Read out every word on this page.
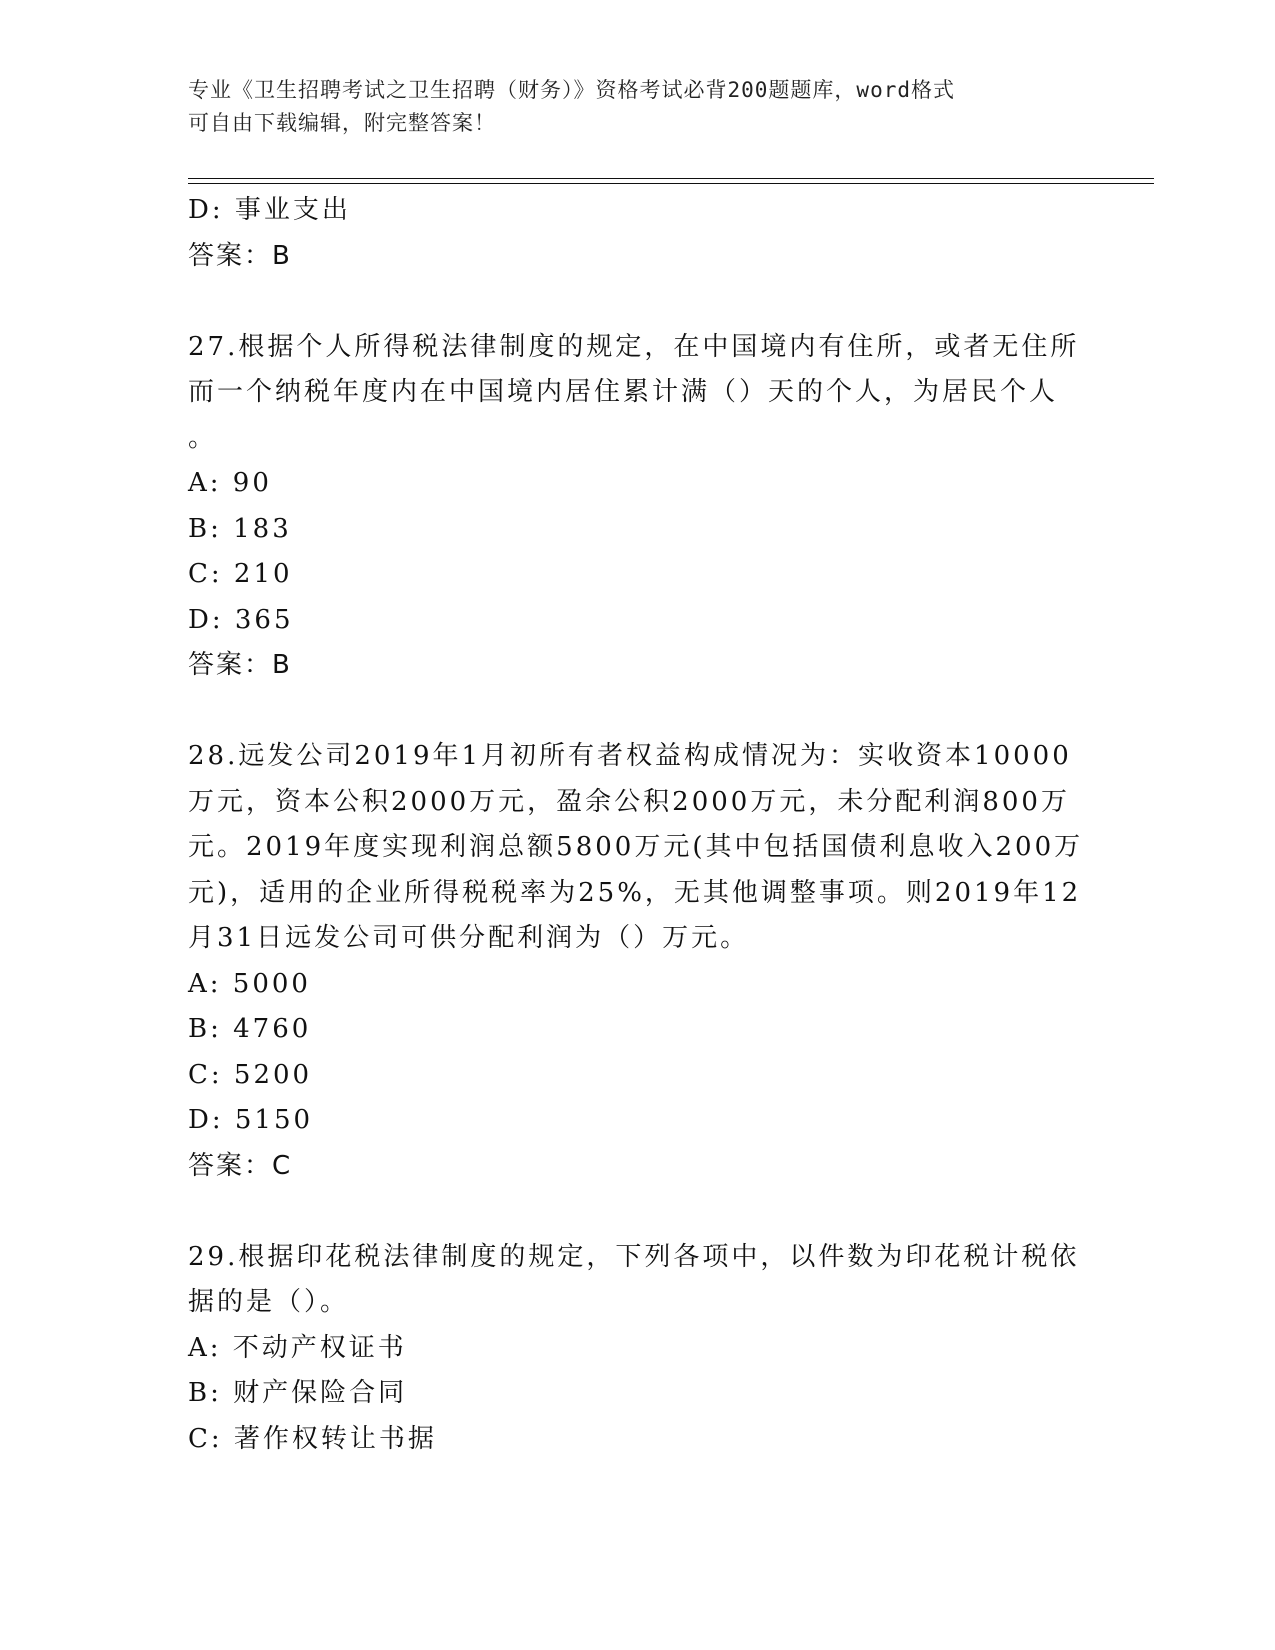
专业《卫生招聘考试之卫生招聘（财务）》资格考试必背200题题库，word格式
可自由下载编辑，附完整答案！
D: 事业支出
答案：B
27.根据个人所得税法律制度的规定，在中国境内有住所，或者无住所
而一个纳税年度内在中国境内居住累计满（）天的个人，为居民个人
。
A: 90
B: 183
C: 210
D: 365
答案：B
28.远发公司2019年1月初所有者权益构成情况为：实收资本10000
万元，资本公积2000万元，盈余公积2000万元，未分配利润800万
元。2019年度实现利润总额5800万元(其中包括国债利息收入200万
元)，适用的企业所得税税率为25%，无其他调整事项。则2019年12
月31日远发公司可供分配利润为（）万元。
A: 5000
B: 4760
C: 5200
D: 5150
答案：C
29.根据印花税法律制度的规定，下列各项中，以件数为印花税计税依
据的是（）。
A: 不动产权证书
B: 财产保险合同
C: 著作权转让书据
